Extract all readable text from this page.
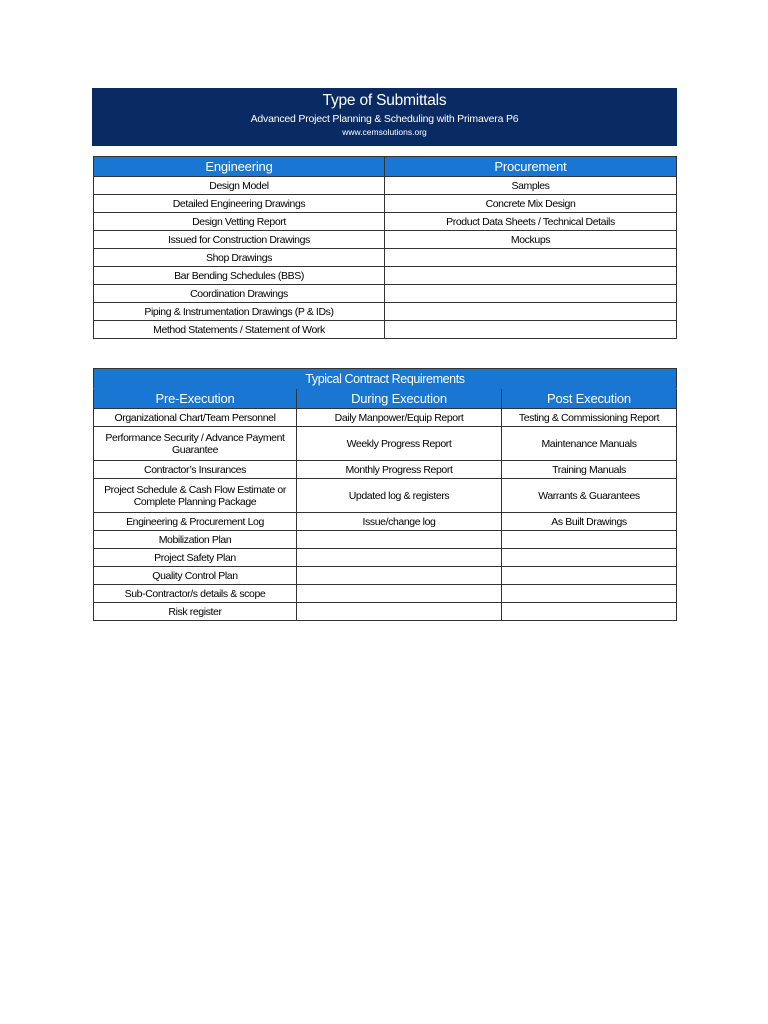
Type of Submittals
Advanced Project Planning & Scheduling with Primavera P6
www.cemsolutions.org
Engineering	Procurement
Design Model	Samples
Detailed Engineering Drawings	Concrete Mix Design
Design Vetting Report	Product Data Sheets / Technical Details
Issued for Construction Drawings	Mockups
Shop Drawings	
Bar Bending Schedules (BBS)	
Coordination Drawings	
Piping & Instrumentation Drawings (P & IDs)	
Method Statements / Statement of Work	
Typical Contract Requirements		
Pre-Execution	During Execution	Post Execution
Organizational Chart/Team Personnel	Daily Manpower/Equip Report	Testing & Commissioning Report
Performance Security / Advance Payment Guarantee	Weekly Progress Report	Maintenance Manuals
Contractor’s Insurances	Monthly Progress Report	Training Manuals
Project Schedule & Cash Flow Estimate or Complete Planning Package	Updated log & registers	Warrants & Guarantees
Engineering & Procurement Log	Issue/change log	As Built Drawings
Mobilization Plan		
Project Safety Plan		
Quality Control Plan		
Sub-Contractor/s details & scope		
Risk register		
